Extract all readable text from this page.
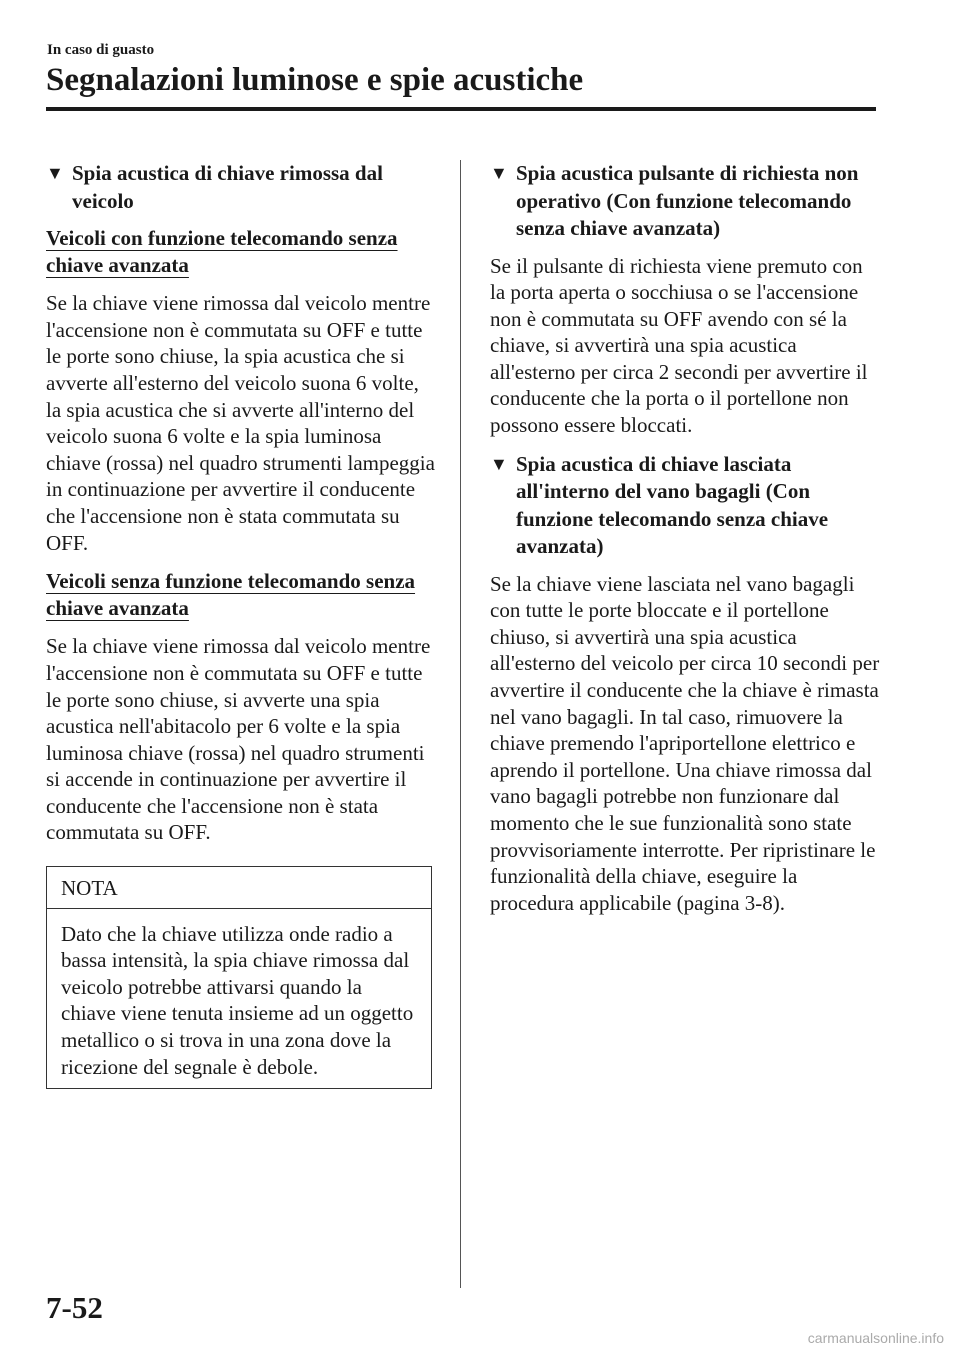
In caso di guasto
Segnalazioni luminose e spie acustiche
▼ Spia acustica di chiave rimossa dal veicolo
Veicoli con funzione telecomando senza chiave avanzata

Se la chiave viene rimossa dal veicolo mentre l'accensione non è commutata su OFF e tutte le porte sono chiuse, la spia acustica che si avverte all'esterno del veicolo suona 6 volte, la spia acustica che si avverte all'interno del veicolo suona 6 volte e la spia luminosa chiave (rossa) nel quadro strumenti lampeggia in continuazione per avvertire il conducente che l'accensione non è stata commutata su OFF.

Veicoli senza funzione telecomando senza chiave avanzata

Se la chiave viene rimossa dal veicolo mentre l'accensione non è commutata su OFF e tutte le porte sono chiuse, si avverte una spia acustica nell'abitacolo per 6 volte e la spia luminosa chiave (rossa) nel quadro strumenti si accende in continuazione per avvertire il conducente che l'accensione non è stata commutata su OFF.

NOTA
Dato che la chiave utilizza onde radio a bassa intensità, la spia chiave rimossa dal veicolo potrebbe attivarsi quando la chiave viene tenuta insieme ad un oggetto metallico o si trova in una zona dove la ricezione del segnale è debole.
▼ Spia acustica pulsante di richiesta non operativo (Con funzione telecomando senza chiave avanzata)

Se il pulsante di richiesta viene premuto con la porta aperta o socchiusa o se l'accensione non è commutata su OFF avendo con sé la chiave, si avvertirà una spia acustica all'esterno per circa 2 secondi per avvertire il conducente che la porta o il portellone non possono essere bloccati.

▼ Spia acustica di chiave lasciata all'interno del vano bagagli (Con funzione telecomando senza chiave avanzata)

Se la chiave viene lasciata nel vano bagagli con tutte le porte bloccate e il portellone chiuso, si avvertirà una spia acustica all'esterno del veicolo per circa 10 secondi per avvertire il conducente che la chiave è rimasta nel vano bagagli. In tal caso, rimuovere la chiave premendo l'apriportellone elettrico e aprendo il portellone. Una chiave rimossa dal vano bagagli potrebbe non funzionare dal momento che le sue funzionalità sono state provvisoriamente interrotte. Per ripristinare le funzionalità della chiave, eseguire la procedura applicabile (pagina 3-8).

7-52
carmanualsonline.info
